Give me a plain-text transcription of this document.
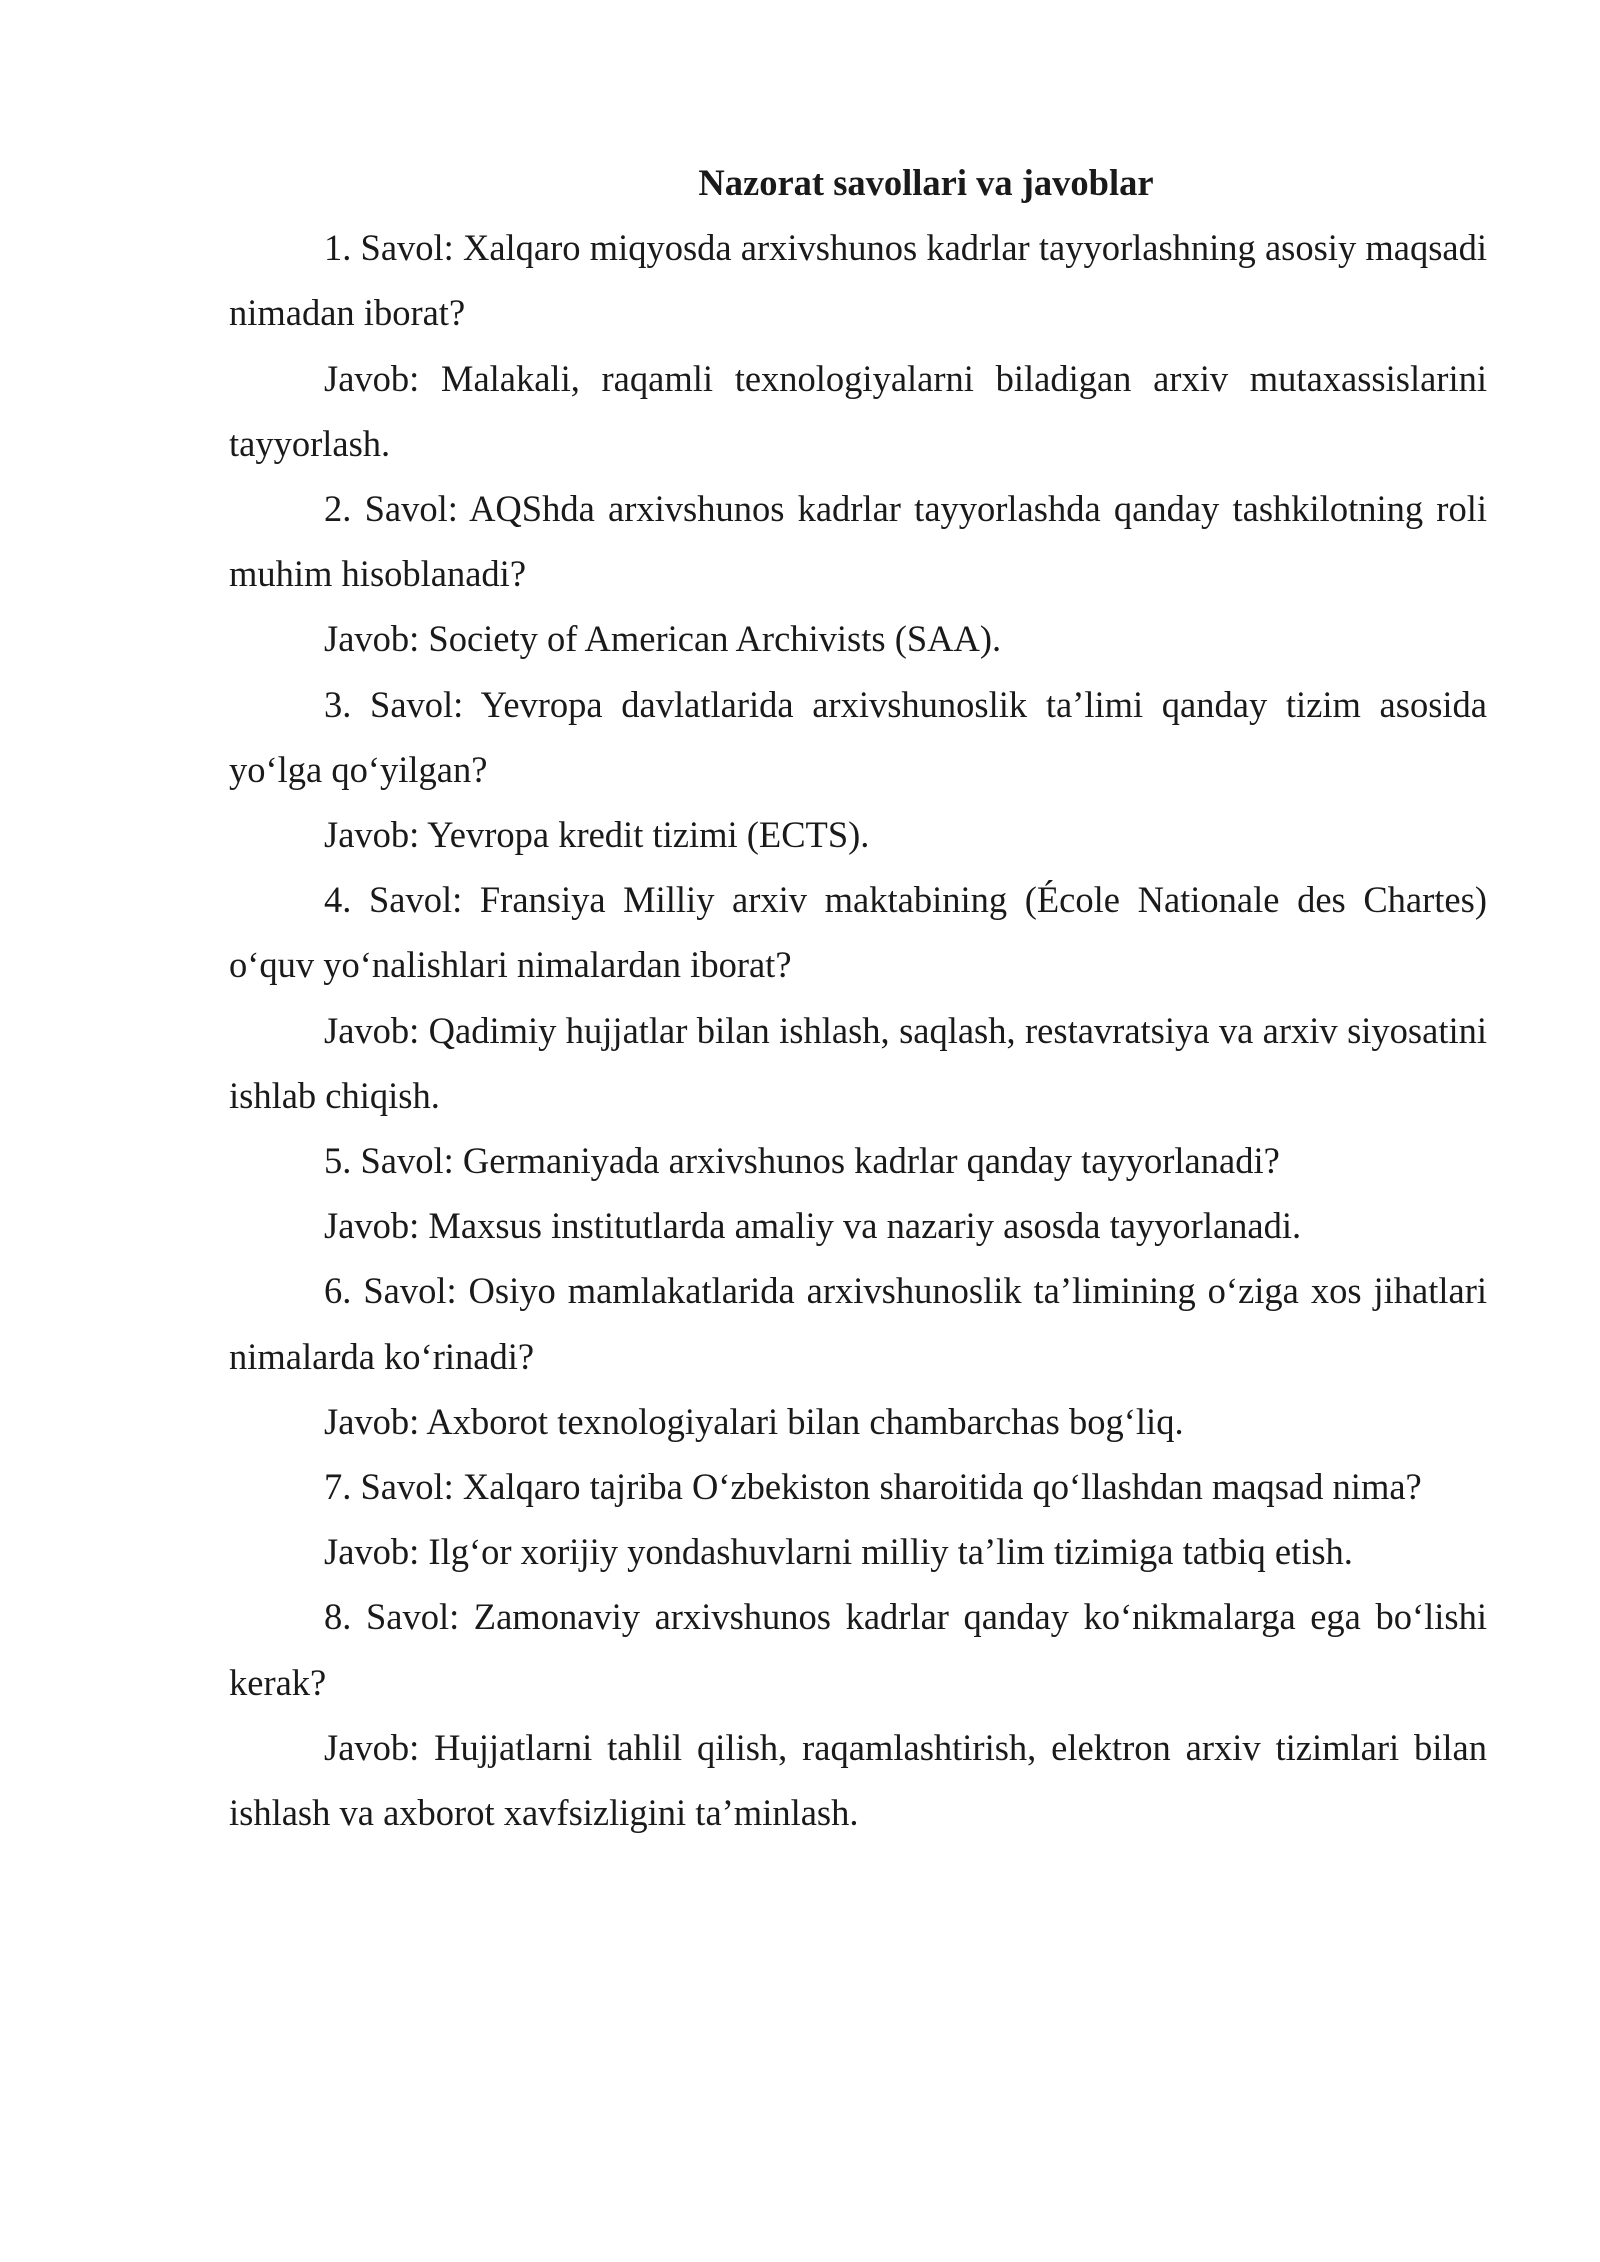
Nazorat savollari va javoblar

1. Savol: Xalqaro miqyosda arxivshunos kadrlar tayyorlashning asosiy maqsadi nimadan iborat?

Javob: Malakali, raqamli texnologiyalarni biladigan arxiv mutaxassislarini tayyorlash.

2. Savol: AQShda arxivshunos kadrlar tayyorlashda qanday tashkilotning roli muhim hisoblanadi?

Javob: Society of American Archivists (SAA).

3. Savol: Yevropa davlatlarida arxivshunoslik ta’limi qanday tizim asosida yo‘lga qo‘yilgan?

Javob: Yevropa kredit tizimi (ECTS).

4. Savol: Fransiya Milliy arxiv maktabining (École Nationale des Chartes) o‘quv yo‘nalishlari nimalardan iborat?

Javob: Qadimiy hujjatlar bilan ishlash, saqlash, restavratsiya va arxiv siyosatini ishlab chiqish.

5. Savol: Germaniyada arxivshunos kadrlar qanday tayyorlanadi?

Javob: Maxsus institutlarda amaliy va nazariy asosda tayyorlanadi.

6. Savol: Osiyo mamlakatlarida arxivshunoslik ta’limining o‘ziga xos jihatlari nimalarda ko‘rinadi?

Javob: Axborot texnologiyalari bilan chambarchas bog‘liq.

7. Savol: Xalqaro tajriba O‘zbekiston sharoitida qo‘llashdan maqsad nima?

Javob: Ilg‘or xorijiy yondashuvlarni milliy ta’lim tizimiga tatbiq etish.

8. Savol: Zamonaviy arxivshunos kadrlar qanday ko‘nikmalarga ega bo‘lishi kerak?

Javob: Hujjatlarni tahlil qilish, raqamlashtirish, elektron arxiv tizimlari bilan ishlash va axborot xavfsizligini ta’minlash.
